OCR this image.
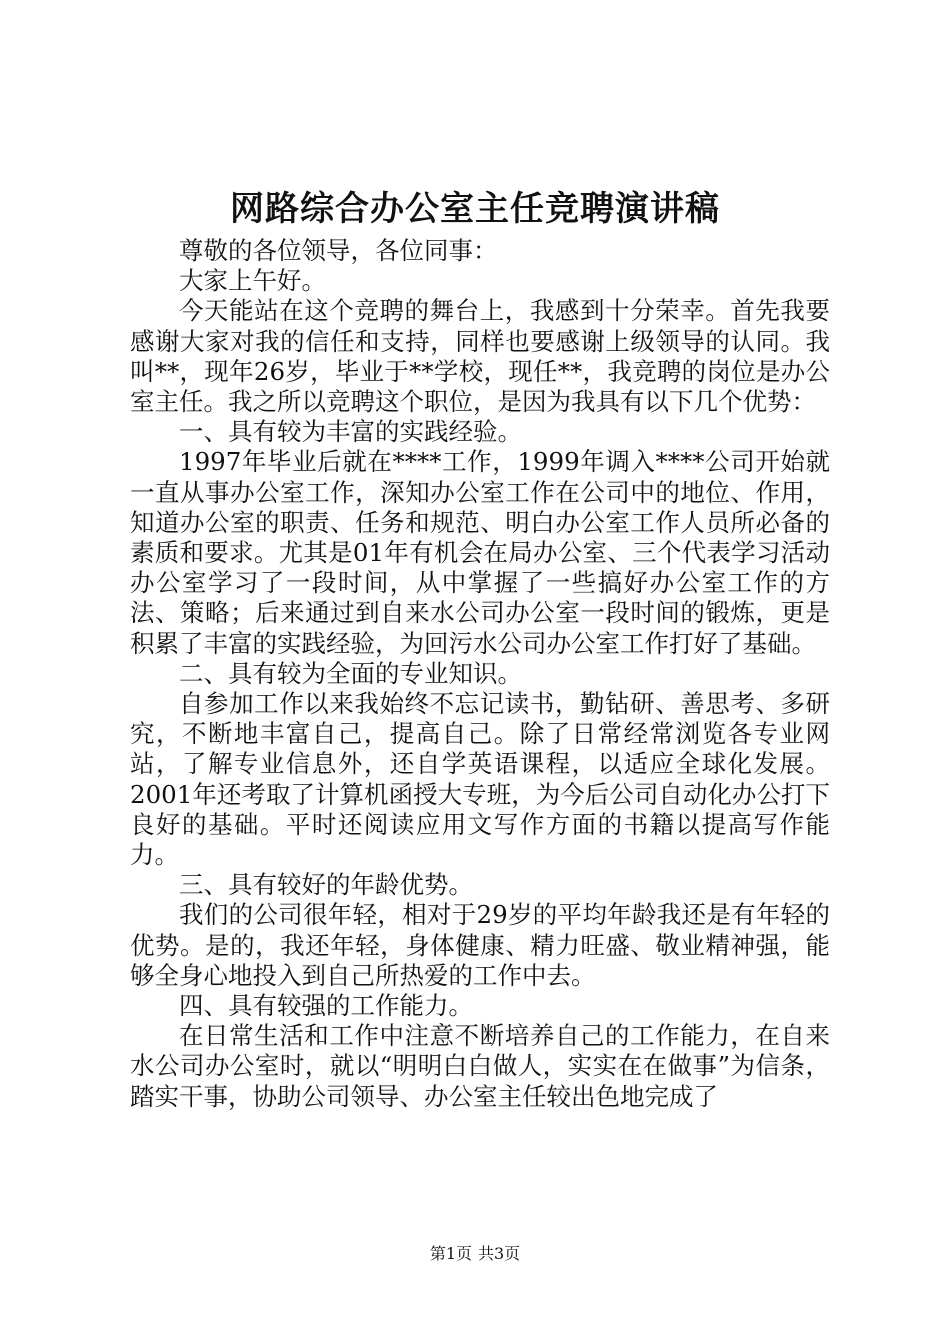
网路综合办公室主任竞聘演讲稿

尊敬的各位领导，各位同事：

大家上午好。

今天能站在这个竞聘的舞台上，我感到十分荣幸。首先我要感谢大家对我的信任和支持，同样也要感谢上级领导的认同。我叫**，现年26岁，毕业于**学校，现任**，我竞聘的岗位是办公室主任。我之所以竞聘这个职位，是因为我具有以下几个优势：

一、具有较为丰富的实践经验。

1997年毕业后就在****工作，1999年调入****公司开始就一直从事办公室工作，深知办公室工作在公司中的地位、作用，知道办公室的职责、任务和规范、明白办公室工作人员所必备的素质和要求。尤其是01年有机会在局办公室、三个代表学习活动办公室学习了一段时间，从中掌握了一些搞好办公室工作的方法、策略；后来通过到自来水公司办公室一段时间的锻炼，更是积累了丰富的实践经验，为回污水公司办公室工作打好了基础。

二、具有较为全面的专业知识。

自参加工作以来我始终不忘记读书，勤钻研、善思考、多研究，不断地丰富自己，提高自己。除了日常经常浏览各专业网站，了解专业信息外，还自学英语课程，以适应全球化发展。2001年还考取了计算机函授大专班，为今后公司自动化办公打下良好的基础。平时还阅读应用文写作方面的书籍以提高写作能力。

三、具有较好的年龄优势。

我们的公司很年轻，相对于29岁的平均年龄我还是有年轻的优势。是的，我还年轻，身体健康、精力旺盛、敬业精神强，能够全身心地投入到自己所热爱的工作中去。

四、具有较强的工作能力。

在日常生活和工作中注意不断培养自己的工作能力，在自来水公司办公室时，就以“明明白白做人，实实在在做事”为信条，踏实干事，协助公司领导、办公室主任较出色地完成了

第1页 共3页
